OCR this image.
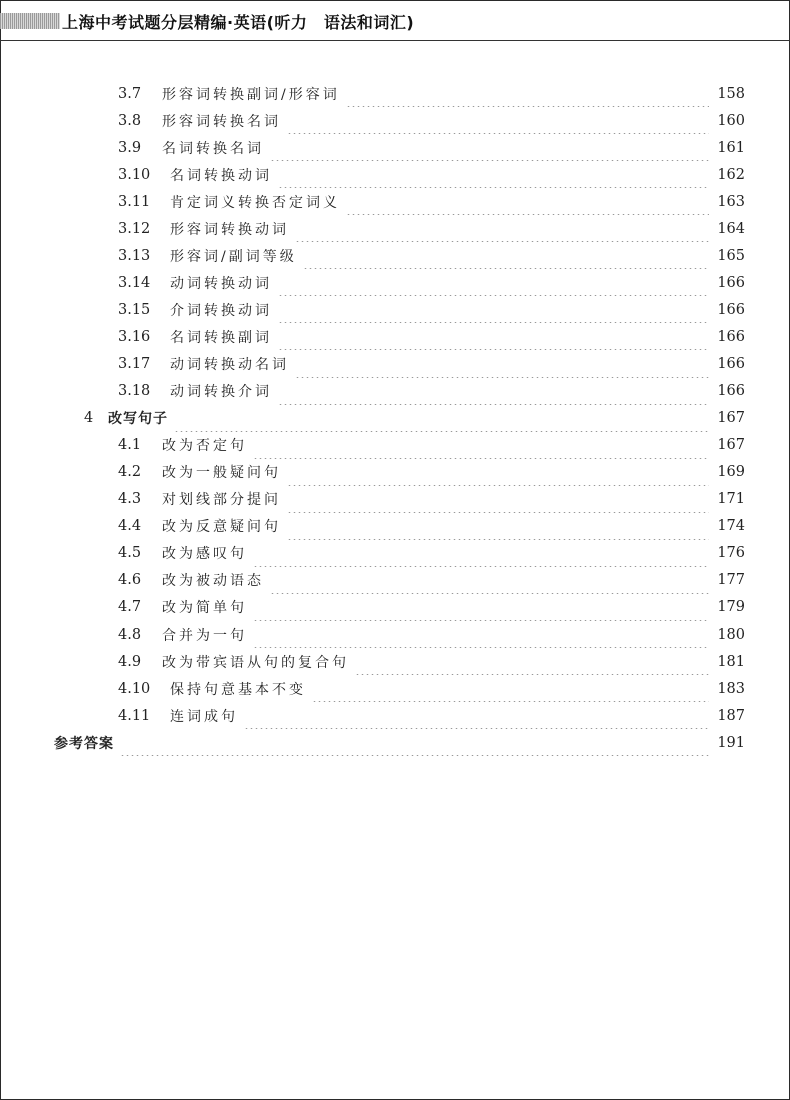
上海中考试题分层精编·英语(听力　语法和词汇)
3.7	形容词转换副词/形容词	158
3.8	形容词转换名词	160
3.9	名词转换名词	161
3.10	名词转换动词	162
3.11	肯定词义转换否定词义	163
3.12	形容词转换动词	164
3.13	形容词/副词等级	165
3.14	动词转换动词	166
3.15	介词转换动词	166
3.16	名词转换副词	166
3.17	动词转换动名词	166
3.18	动词转换介词	166
4	改写句子	167
4.1	改为否定句	167
4.2	改为一般疑问句	169
4.3	对划线部分提问	171
4.4	改为反意疑问句	174
4.5	改为感叹句	176
4.6	改为被动语态	177
4.7	改为简单句	179
4.8	合并为一句	180
4.9	改为带宾语从句的复合句	181
4.10	保持句意基本不变	183
4.11	连词成句	187
参考答案	191
